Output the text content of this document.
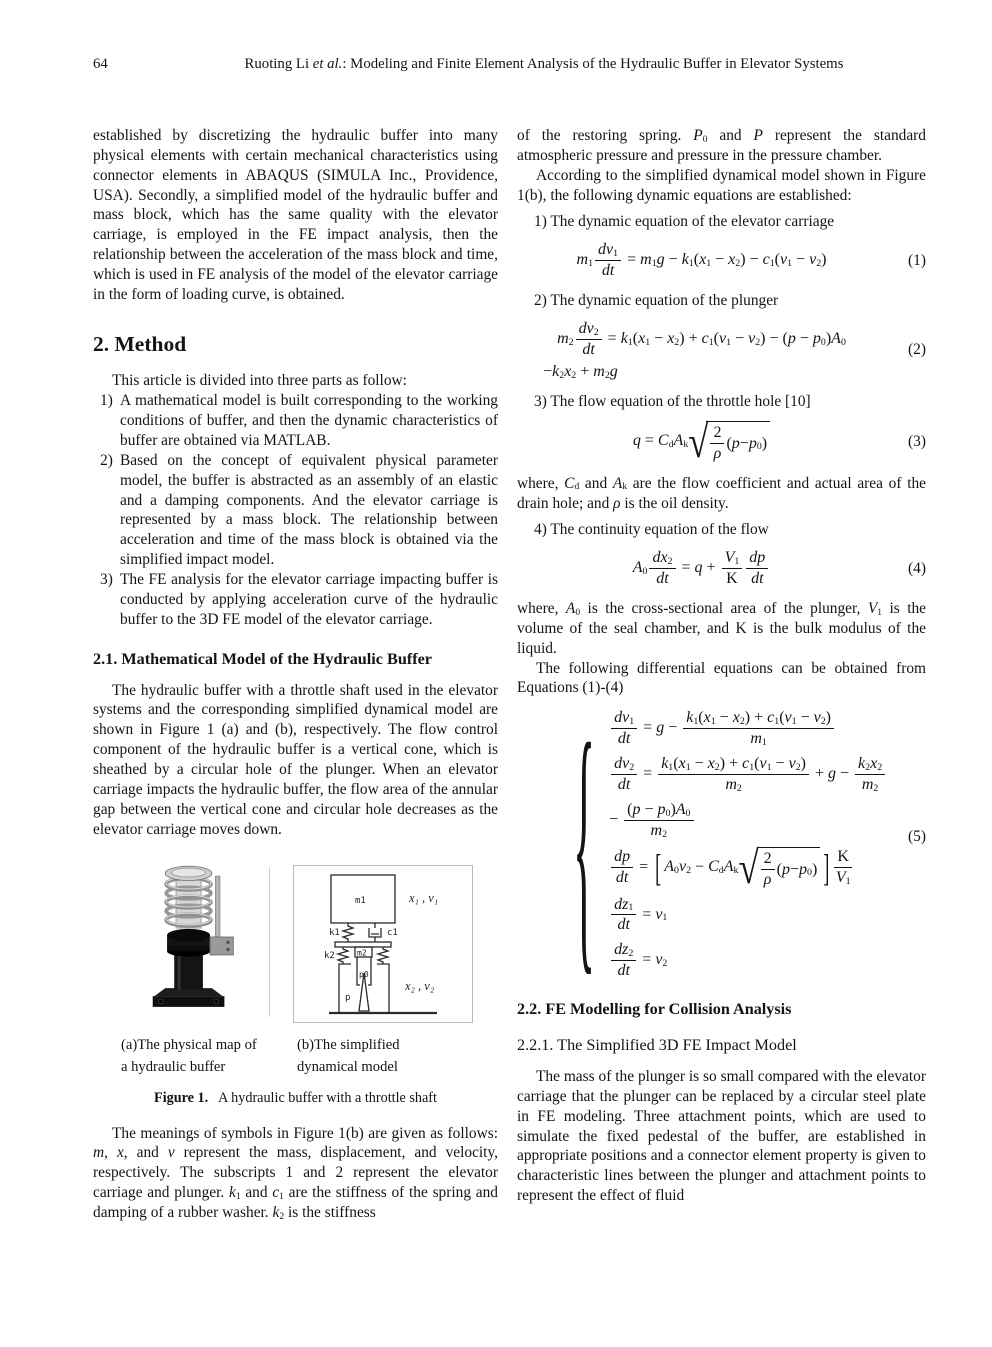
64	Ruoting Li et al.: Modeling and Finite Element Analysis of the Hydraulic Buffer in Elevator Systems

established by discretizing the hydraulic buffer into many physical elements with certain mechanical characteristics using connector elements in ABAQUS (SIMULA Inc., Providence, USA). Secondly, a simplified model of the hydraulic buffer and mass block, which has the same quality with the elevator carriage, is employed in the FE impact analysis, then the relationship between the acceleration of the mass block and time, which is used in FE analysis of the model of the elevator carriage in the form of loading curve, is obtained.

2. Method

This article is divided into three parts as follow:

1) A mathematical model is built corresponding to the working conditions of buffer, and then the dynamic characteristics of buffer are obtained via MATLAB.
2) Based on the concept of equivalent physical parameter model, the buffer is abstracted as an assembly of an elastic and a damping components. And the elevator carriage is represented by a mass block. The relationship between acceleration and time of the mass block is obtained via the simplified impact model.
3) The FE analysis for the elevator carriage impacting buffer is conducted by applying acceleration curve of the hydraulic buffer to the 3D FE model of the elevator carriage.
2.1. Mathematical Model of the Hydraulic Buffer

The hydraulic buffer with a throttle shaft used in the elevator systems and the corresponding simplified dynamical model are shown in Figure 1 (a) and (b), respectively. The flow control component of the hydraulic buffer is a vertical cone, which is sheathed by a circular hole of the plunger. When an elevator carriage impacts the hydraulic buffer, the flow area of the annular gap between the vertical cone and circular hole decreases as the elevator carriage moves down.

m1
k1	c1
k2	m2
p0
p
x₁ , v₁
x₂ , v₂
(a)The physical map of a hydraulic buffer
(b)The simplified dynamical model
Figure 1. A hydraulic buffer with a throttle shaft

The meanings of symbols in Figure 1(b) are given as follows: m, x, and v represent the mass, displacement, and velocity, respectively. The subscripts 1 and 2 represent the elevator carriage and plunger. $k_1$ and $c_1$ are the stiffness of the spring and damping of a rubber washer. $k_2$ is the stiffness

of the restoring spring. $P_0$ and P represent the standard atmospheric pressure and pressure in the pressure chamber.

According to the simplified dynamical model shown in Figure 1(b), the following dynamic equations are established:

1) The dynamic equation of the elevator carriage

$m_1 \frac{dv_1}{dt} = m_1g - k_1(x_1 - x_2) - c_1(v_1 - v_2)$	(1)

2) The dynamic equation of the plunger

$m_2 \frac{dv_2}{dt} = k_1(x_1 - x_2) + c_1(v_1 - v_2) - (p - p_0)A_0$
$-k_2x_2 + m_2g$
(2)

3) The flow equation of the throttle hole [10]

$q = C_dA_k$ √ $\frac{2}{\rho}$ ( $p - p_0$ )	(3)

where, $C_d$ and $A_k$ are the flow coefficient and actual area of the drain hole; and ρ is the oil density.

4) The continuity equation of the flow

$A_0 \frac{dx_2}{dt} = q + \frac{V_1}{K} \frac{dp}{dt}$	(4)

where, $A_0$ is the cross-sectional area of the plunger, $V_1$ is the volume of the seal chamber, and K is the bulk modulus of the liquid.

The following differential equations can be obtained from Equations (1)-(4)

{ $\frac{dv_1}{dt} = g - \frac{k_1(x_1 - x_2) + c_1(v_1 - v_2)}{m_1}$
$\frac{dv_2}{dt} = \frac{k_1(x_1 - x_2) + c_1(v_1 - v_2)}{m_2} + g - \frac{k_2x_2}{m_2}$
− $\frac{(p - p_0)A_0}{m_2}$
$\frac{dp}{dt}$ = [ $A_0v_2 - C_dA_k$ √ $\frac{2}{\rho}$ ( $p - p_0$ ) ] $\frac{K}{V_1}$
$\frac{dz_1}{dt} = v_1$
$\frac{dz_2}{dt} = v_2$
(5)
2.2. FE Modelling for Collision Analysis
2.2.1. The Simplified 3D FE Impact Model

The mass of the plunger is so small compared with the elevator carriage that the plunger can be replaced by a circular steel plate in FE modeling. Three attachment points, which are used to simulate the fixed pedestal of the buffer, are established in appropriate positions and a connector element property is given to characteristic lines between the plunger and attachment points to represent the effect of fluid
